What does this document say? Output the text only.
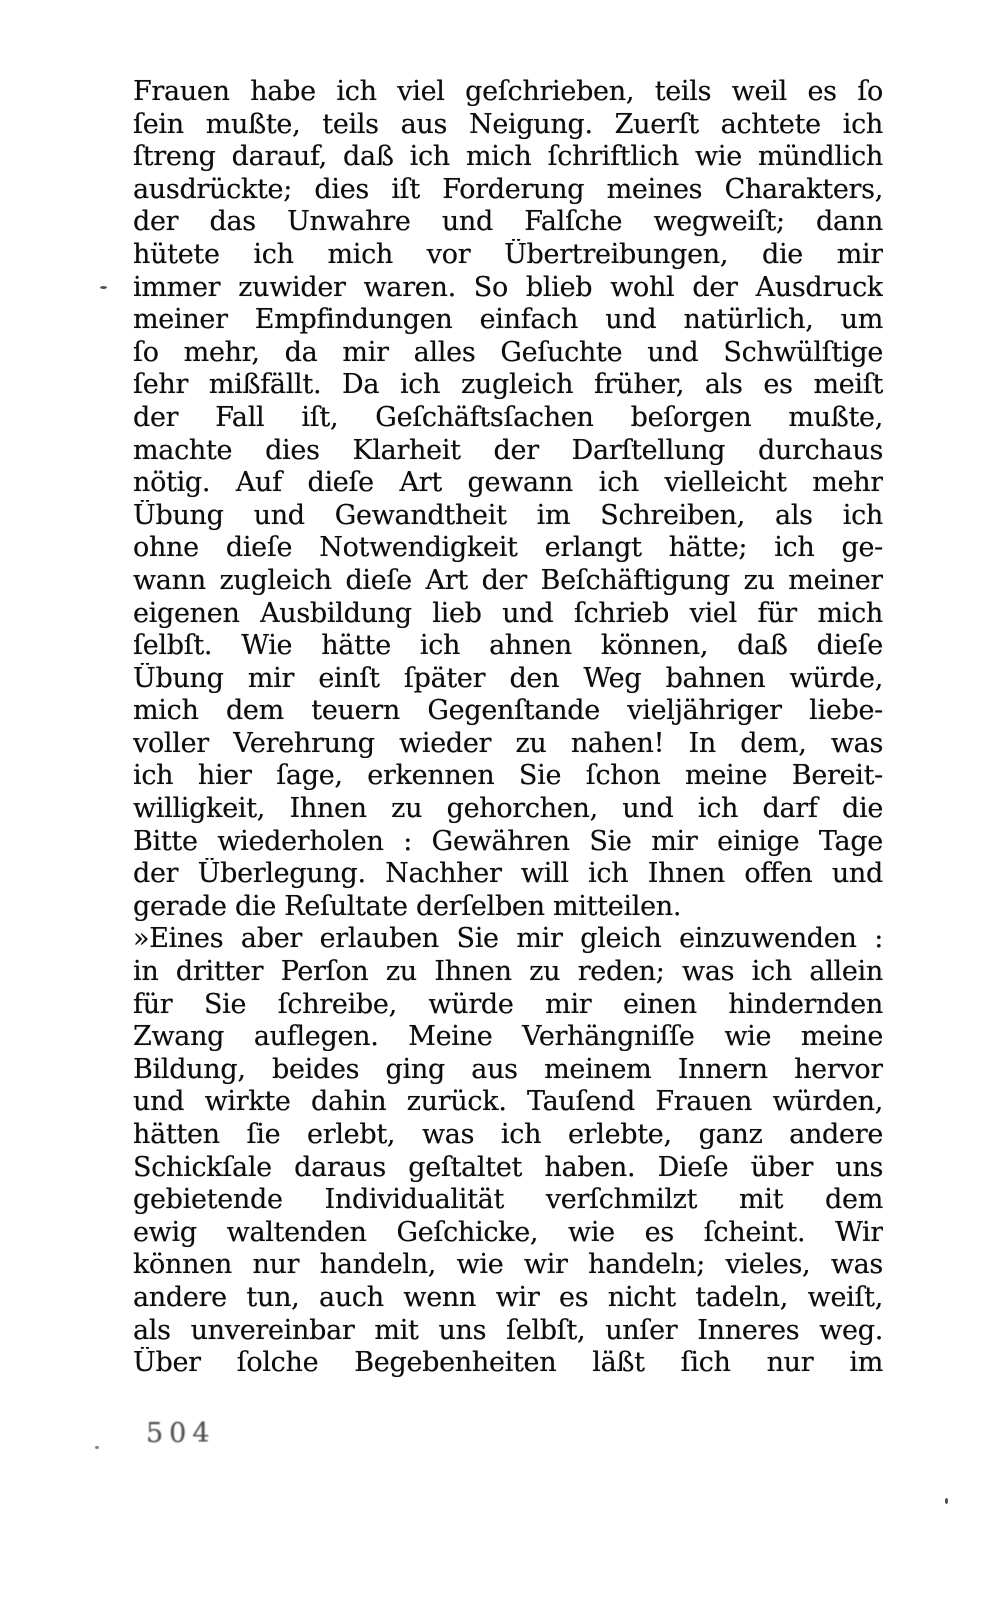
Frauen habe ich viel geſchrieben, teils weil es ſo
ſein mußte, teils aus Neigung. Zuerſt achtete ich
ſtreng darauf, daß ich mich ſchriftlich wie mündlich
ausdrückte; dies iſt Forderung meines Charakters,
der das Unwahre und Falſche wegweiſt; dann
hütete ich mich vor Übertreibungen, die mir
immer zuwider waren. So blieb wohl der Ausdruck
meiner Empfindungen einfach und natürlich, um
ſo mehr, da mir alles Geſuchte und Schwülſtige
ſehr mißfällt. Da ich zugleich früher, als es meiſt
der Fall iſt, Geſchäftsſachen beſorgen mußte,
machte dies Klarheit der Darſtellung durchaus
nötig. Auf dieſe Art gewann ich vielleicht mehr
Übung und Gewandtheit im Schreiben, als ich
ohne dieſe Notwendigkeit erlangt hätte; ich ge-
wann zugleich dieſe Art der Beſchäftigung zu meiner
eigenen Ausbildung lieb und ſchrieb viel für mich
ſelbſt. Wie hätte ich ahnen können, daß dieſe
Übung mir einſt ſpäter den Weg bahnen würde,
mich dem teuern Gegenſtande vieljähriger liebe-
voller Verehrung wieder zu nahen! In dem, was
ich hier ſage, erkennen Sie ſchon meine Bereit-
willigkeit, Ihnen zu gehorchen, und ich darf die
Bitte wiederholen : Gewähren Sie mir einige Tage
der Überlegung. Nachher will ich Ihnen offen und
gerade die Reſultate derſelben mitteilen.
»Eines aber erlauben Sie mir gleich einzuwenden :
in dritter Perſon zu Ihnen zu reden; was ich allein
für Sie ſchreibe, würde mir einen hindernden
Zwang auflegen. Meine Verhängniſſe wie meine
Bildung, beides ging aus meinem Innern hervor
und wirkte dahin zurück. Tauſend Frauen würden,
hätten ſie erlebt, was ich erlebte, ganz andere
Schickſale daraus geſtaltet haben. Dieſe über uns
gebietende Individualität verſchmilzt mit dem
ewig waltenden Geſchicke, wie es ſcheint. Wir
können nur handeln, wie wir handeln; vieles, was
andere tun, auch wenn wir es nicht tadeln, weiſt,
als unvereinbar mit uns ſelbſt, unſer Inneres weg.
Über ſolche Begebenheiten läßt ſich nur im
504
